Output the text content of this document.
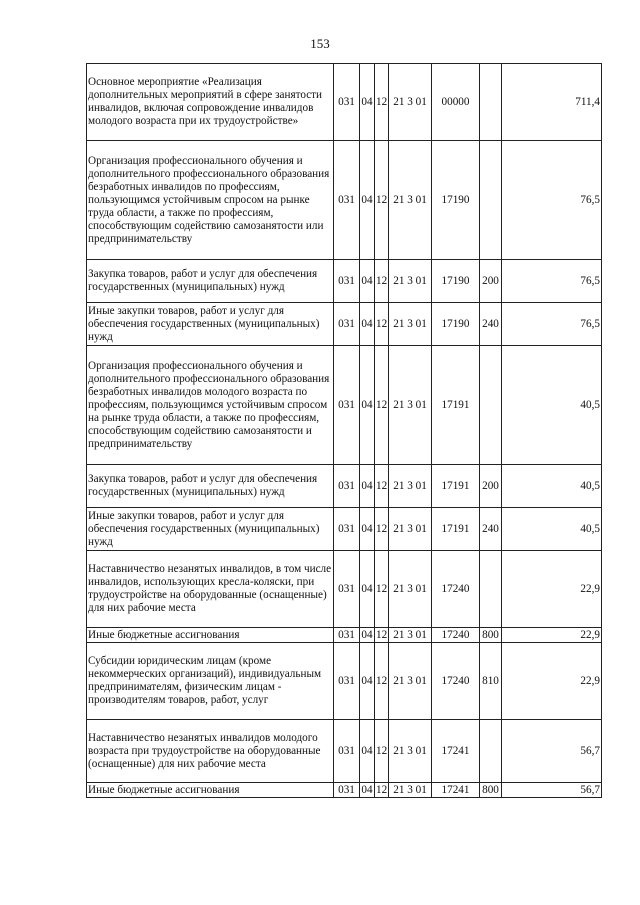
153
Основное мероприятие «Реализация дополнительных мероприятий в сфере занятости инвалидов, включая сопровождение инвалидов молодого возраста при их трудоустройстве»	031	04	12	21 3 01	00000		711,4
Организация профессионального обучения и дополнительного профессионального образования безработных инвалидов по профессиям, пользующимся устойчивым спросом на рынке труда области, а также по профессиям, способствующим содействию самозанятости или предпринимательству	031	04	12	21 3 01	17190		76,5
Закупка товаров, работ и услуг для обеспечения государственных (муниципальных) нужд	031	04	12	21 3 01	17190	200	76,5
Иные закупки товаров, работ и услуг для обеспечения государственных (муниципальных) нужд	031	04	12	21 3 01	17190	240	76,5
Организация профессионального обучения и дополнительного профессионального образования безработных инвалидов молодого возраста по профессиям, пользующимся устойчивым спросом на рынке труда области, а также по профессиям, способствующим содействию самозанятости и предпринимательству	031	04	12	21 3 01	17191		40,5
Закупка товаров, работ и услуг для обеспечения государственных (муниципальных) нужд	031	04	12	21 3 01	17191	200	40,5
Иные закупки товаров, работ и услуг для обеспечения государственных (муниципальных) нужд	031	04	12	21 3 01	17191	240	40,5
Наставничество незанятых инвалидов, в том числе инвалидов, использующих кресла-коляски, при трудоустройстве на оборудованные (оснащенные) для них рабочие места	031	04	12	21 3 01	17240		22,9
Иные бюджетные ассигнования	031	04	12	21 3 01	17240	800	22,9
Субсидии юридическим лицам (кроме некоммерческих организаций), индивидуальным предпринимателям, физическим лицам - производителям товаров, работ, услуг	031	04	12	21 3 01	17240	810	22,9
Наставничество незанятых инвалидов молодого возраста при трудоустройстве на оборудованные (оснащенные) для них рабочие места	031	04	12	21 3 01	17241		56,7
Иные бюджетные ассигнования	031	04	12	21 3 01	17241	800	56,7
